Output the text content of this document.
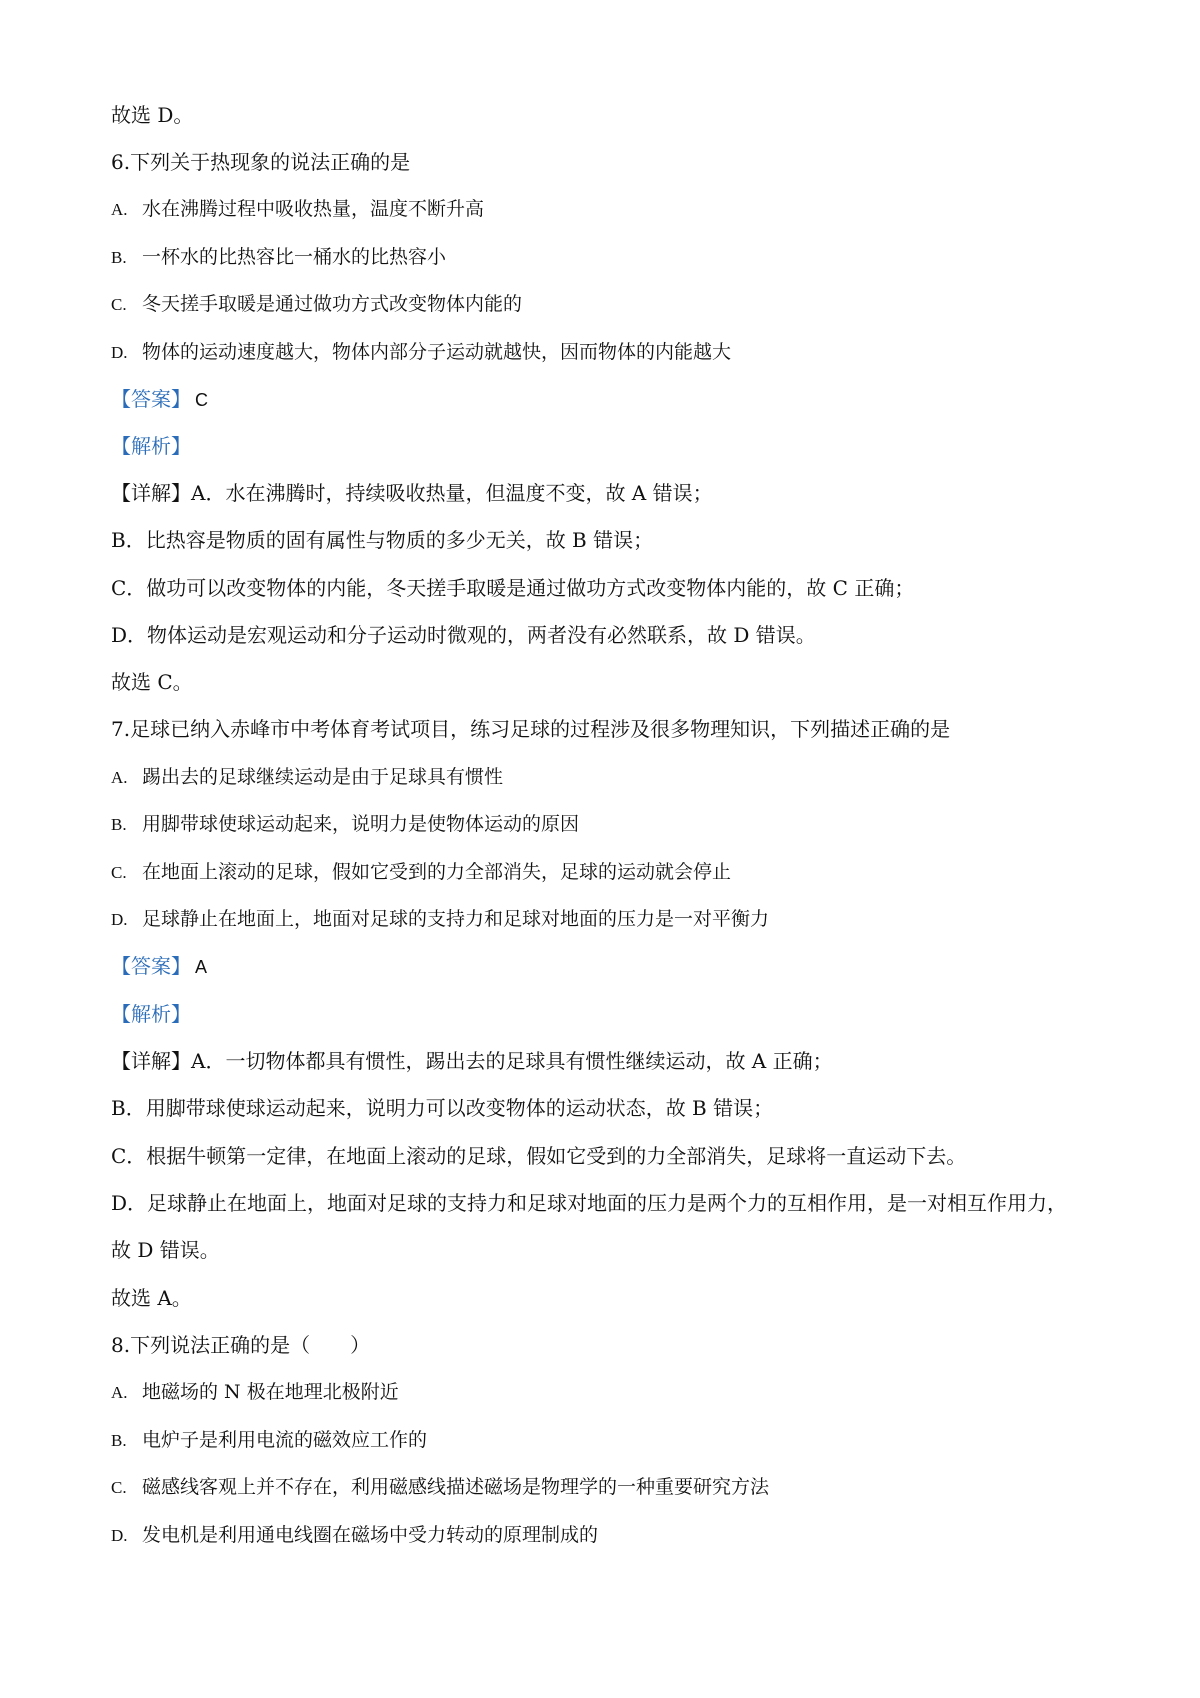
故选 D。
6.下列关于热现象的说法正确的是
A. 水在沸腾过程中吸收热量，温度不断升高
B. 一杯水的比热容比一桶水的比热容小
C. 冬天搓手取暖是通过做功方式改变物体内能的
D. 物体的运动速度越大，物体内部分子运动就越快，因而物体的内能越大
【答案】 C
【解析】
【详解】A．水在沸腾时，持续吸收热量，但温度不变，故 A 错误；
B．比热容是物质的固有属性与物质的多少无关，故 B 错误；
C．做功可以改变物体的内能，冬天搓手取暖是通过做功方式改变物体内能的，故 C 正确；
D．物体运动是宏观运动和分子运动时微观的，两者没有必然联系，故 D 错误。
故选 C。
7.足球已纳入赤峰市中考体育考试项目，练习足球的过程涉及很多物理知识，下列描述正确的是
A. 踢出去的足球继续运动是由于足球具有惯性
B. 用脚带球使球运动起来，说明力是使物体运动的原因
C. 在地面上滚动的足球，假如它受到的力全部消失，足球的运动就会停止
D. 足球静止在地面上，地面对足球的支持力和足球对地面的压力是一对平衡力
【答案】 A
【解析】
【详解】A．一切物体都具有惯性，踢出去的足球具有惯性继续运动，故 A 正确；
B．用脚带球使球运动起来，说明力可以改变物体的运动状态，故 B 错误；
C．根据牛顿第一定律，在地面上滚动的足球，假如它受到的力全部消失，足球将一直运动下去。
D．足球静止在地面上，地面对足球的支持力和足球对地面的压力是两个力的互相作用，是一对相互作用力，
故 D 错误。
故选 A。
8.下列说法正确的是（　　）
A. 地磁场的 N 极在地理北极附近
B. 电炉子是利用电流的磁效应工作的
C. 磁感线客观上并不存在，利用磁感线描述磁场是物理学的一种重要研究方法
D. 发电机是利用通电线圈在磁场中受力转动的原理制成的
